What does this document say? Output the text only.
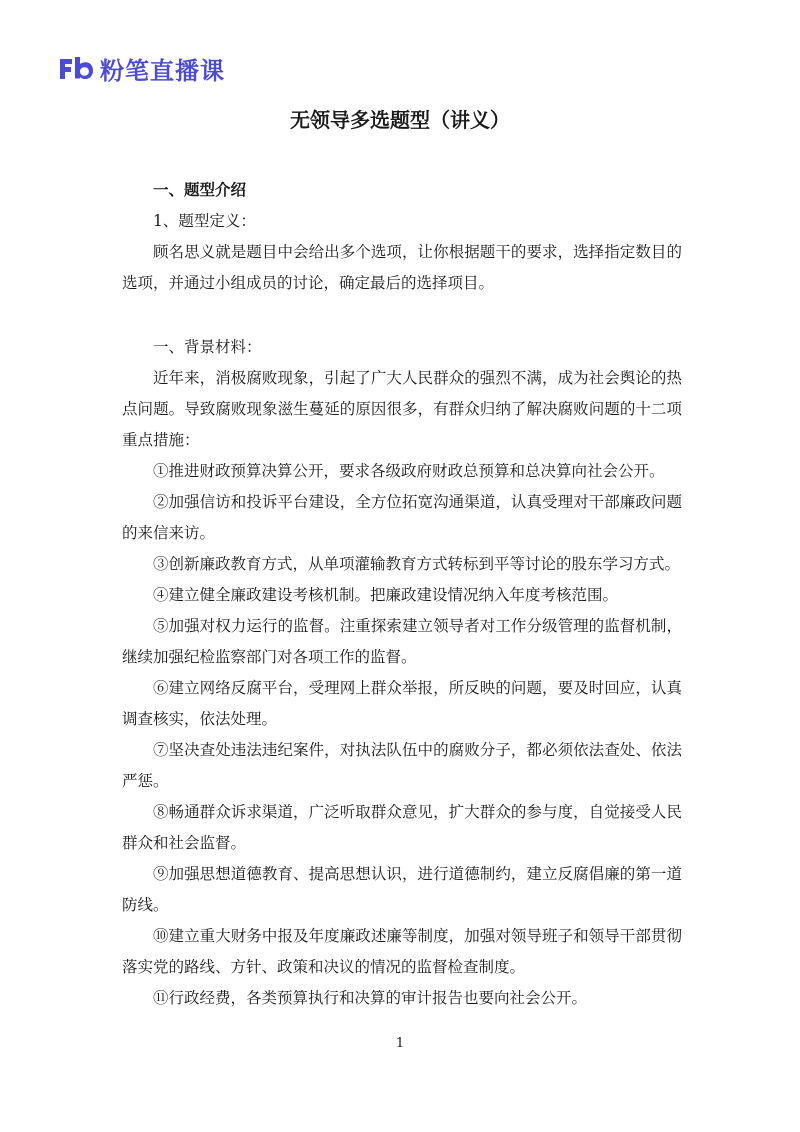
粉笔直播课
无领导多选题型（讲义）

一、题型介绍

1、题型定义：

顾名思义就是题目中会给出多个选项，让你根据题干的要求，选择指定数目的选项，并通过小组成员的讨论，确定最后的选择项目。

一、背景材料：

近年来，消极腐败现象，引起了广大人民群众的强烈不满，成为社会舆论的热点问题。导致腐败现象滋生蔓延的原因很多，有群众归纳了解决腐败问题的十二项重点措施：

①推进财政预算决算公开，要求各级政府财政总预算和总决算向社会公开。

②加强信访和投诉平台建设，全方位拓宽沟通渠道，认真受理对干部廉政问题的来信来访。

③创新廉政教育方式，从单项灌输教育方式转标到平等讨论的股东学习方式。

④建立健全廉政建设考核机制。把廉政建设情况纳入年度考核范围。

⑤加强对权力运行的监督。注重探索建立领导者对工作分级管理的监督机制，继续加强纪检监察部门对各项工作的监督。

⑥建立网络反腐平台，受理网上群众举报，所反映的问题，要及时回应，认真调查核实，依法处理。

⑦坚决查处违法违纪案件，对执法队伍中的腐败分子，都必须依法查处、依法严惩。

⑧畅通群众诉求渠道，广泛听取群众意见，扩大群众的参与度，自觉接受人民群众和社会监督。

⑨加强思想道德教育、提高思想认识，进行道德制约，建立反腐倡廉的第一道防线。

⑩建立重大财务中报及年度廉政述廉等制度，加强对领导班子和领导干部贯彻落实党的路线、方针、政策和决议的情况的监督检查制度。

⑪行政经费，各类预算执行和决算的审计报告也要向社会公开。

1
